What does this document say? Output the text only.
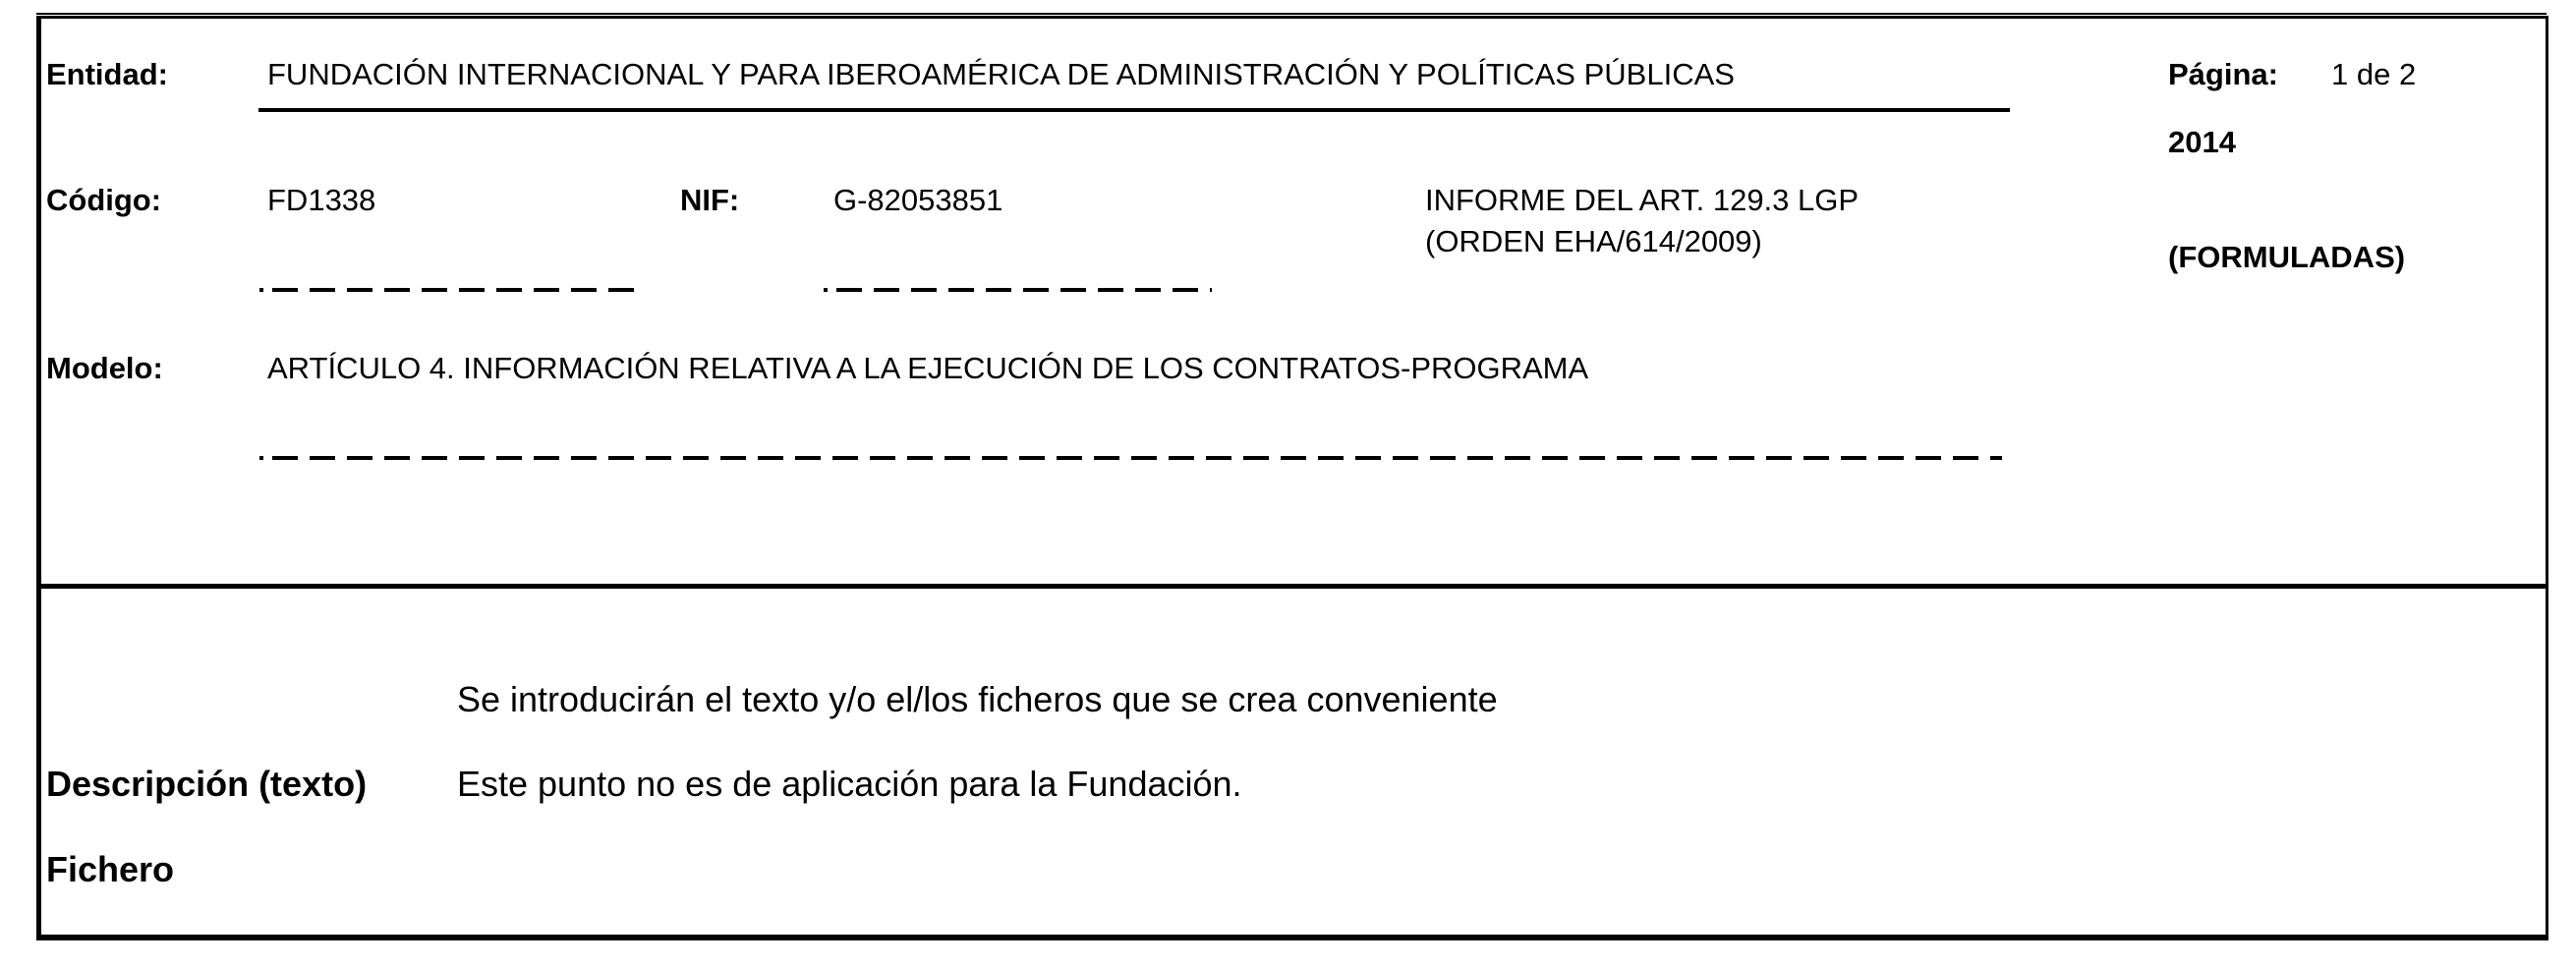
Entidad:	FUNDACIÓN INTERNACIONAL Y PARA IBEROAMÉRICA DE ADMINISTRACIÓN Y POLÍTICAS PÚBLICAS	Página: 1 de 2
2014
Código:	FD1338	NIF:	G-82053851	INFORME DEL ART. 129.3 LGP
(ORDEN EHA/614/2009)	(FORMULADAS)
Modelo:	ARTÍCULO 4. INFORMACIÓN RELATIVA A LA EJECUCIÓN DE LOS CONTRATOS-PROGRAMA
Se introducirán el texto y/o el/los ficheros que se crea conveniente
Descripción (texto)	Este punto no es de aplicación para la Fundación.
Fichero
